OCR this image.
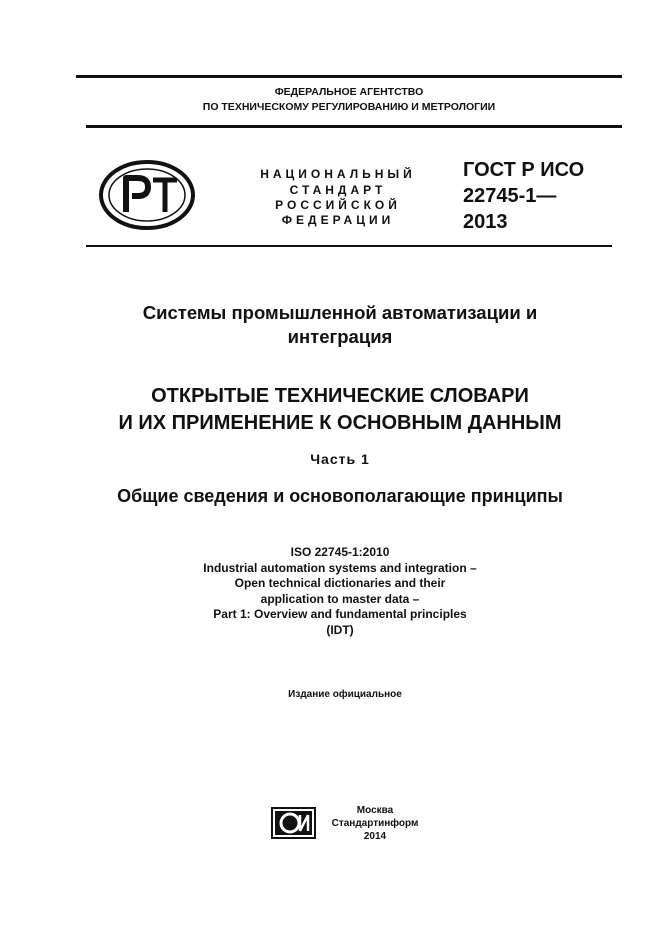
ФЕДЕРАЛЬНОЕ АГЕНТСТВО
ПО ТЕХНИЧЕСКОМУ РЕГУЛИРОВАНИЮ И МЕТРОЛОГИИ
НАЦИОНАЛЬНЫЙ
СТАНДАРТ
РОССИЙСКОЙ
ФЕДЕРАЦИИ
ГОСТ Р ИСО
22745-1—
2013
Системы промышленной автоматизации и
интеграция
ОТКРЫТЫЕ ТЕХНИЧЕСКИЕ СЛОВАРИ
И ИХ ПРИМЕНЕНИЕ К ОСНОВНЫМ ДАННЫМ
Часть 1
Общие сведения и основополагающие принципы
ISO 22745-1:2010
Industrial automation systems and integration –
Open technical dictionaries and their
application to master data –
Part 1: Overview and fundamental principles
(IDT)
Издание официальное
Москва
Стандартинформ
2014
